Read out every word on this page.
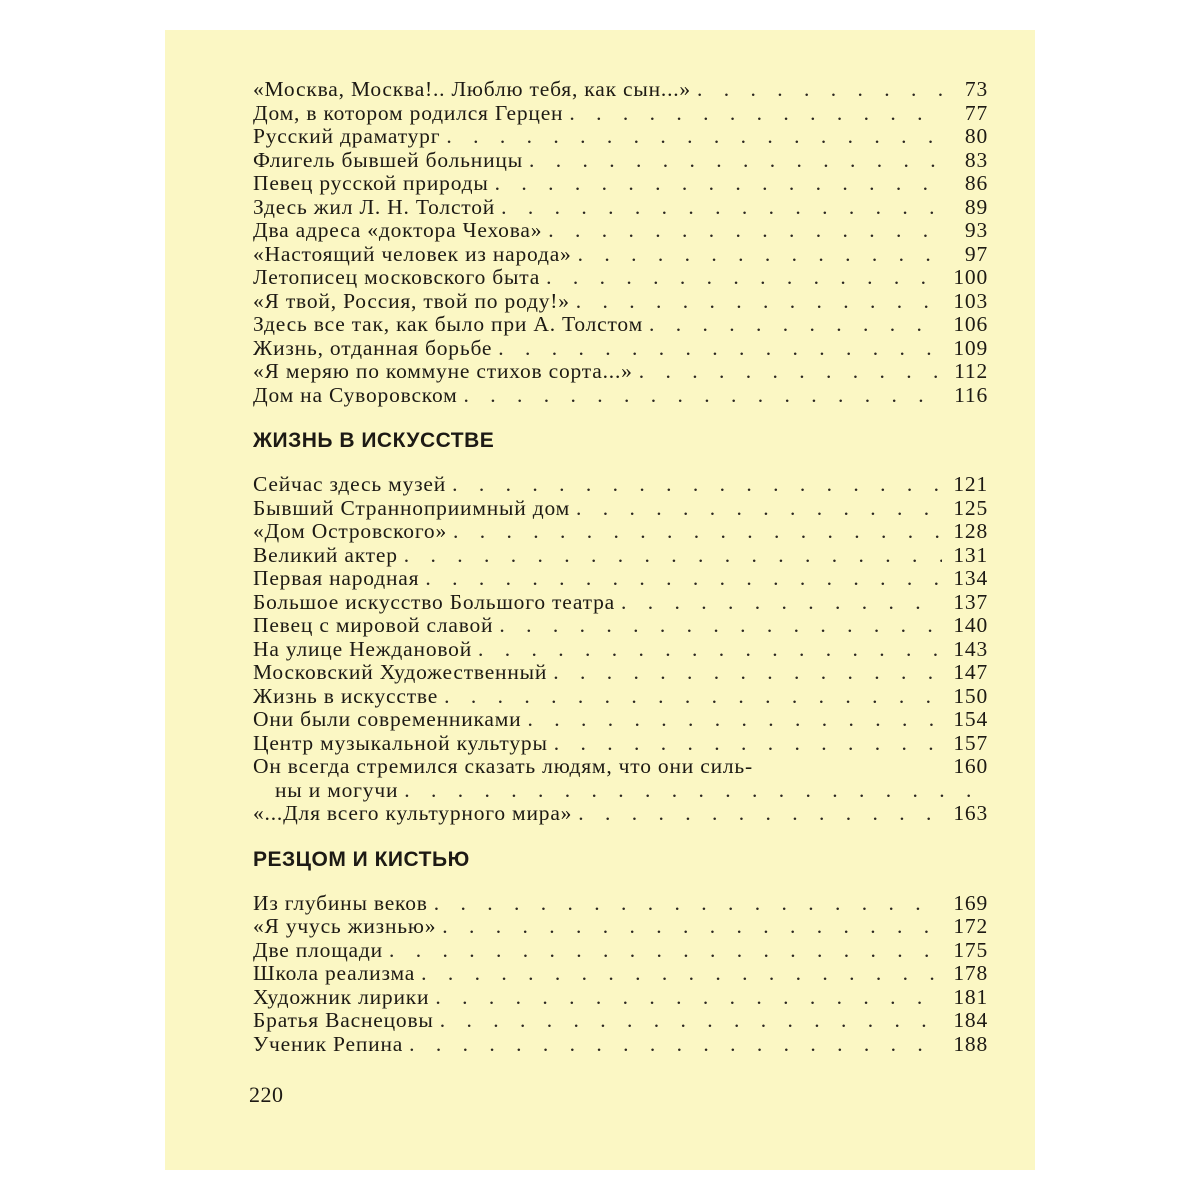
«Москва, Москва!.. Люблю тебя, как сын...» . . .	73
Дом, в котором родился Герцен . . .	77
Русский драматург . . .	80
Флигель бывшей больницы . . .	83
Певец русской природы . . .	86
Здесь жил Л. Н. Толстой . . .	89
Два адреса «доктора Чехова» . . .	93
«Настоящий человек из народа» . . .	97
Летописец московского быта . . .	100
«Я твой, Россия, твой по роду!» . . .	103
Здесь все так, как было при А. Толстом . . .	106
Жизнь, отданная борьбе . . .	109
«Я меряю по коммуне стихов сорта...» . . .	112
Дом на Суворовском . . .	116
ЖИЗНЬ В ИСКУССТВЕ
Сейчас здесь музей . . .	121
Бывший Странноприимный дом . . .	125
«Дом Островского» . . .	128
Великий актер . . .	131
Первая народная . . .	134
Большое искусство Большого театра . . .	137
Певец с мировой славой . . .	140
На улице Неждановой . . .	143
Московский Художественный . . .	147
Жизнь в искусстве . . .	150
Они были современниками . . .	154
Центр музыкальной культуры . . .	157
Он всегда стремился сказать людям, что они силь-	160
ны и могучи
. . .
«...Для всего культурного мира» . . .	163
РЕЗЦОМ И КИСТЬЮ
Из глубины веков . . .	169
«Я учусь жизнью» . . .	172
Две площади . . .	175
Школа реализма . . .	178
Художник лирики . . .	181
Братья Васнецовы . . .	184
Ученик Репина . . .	188
220
